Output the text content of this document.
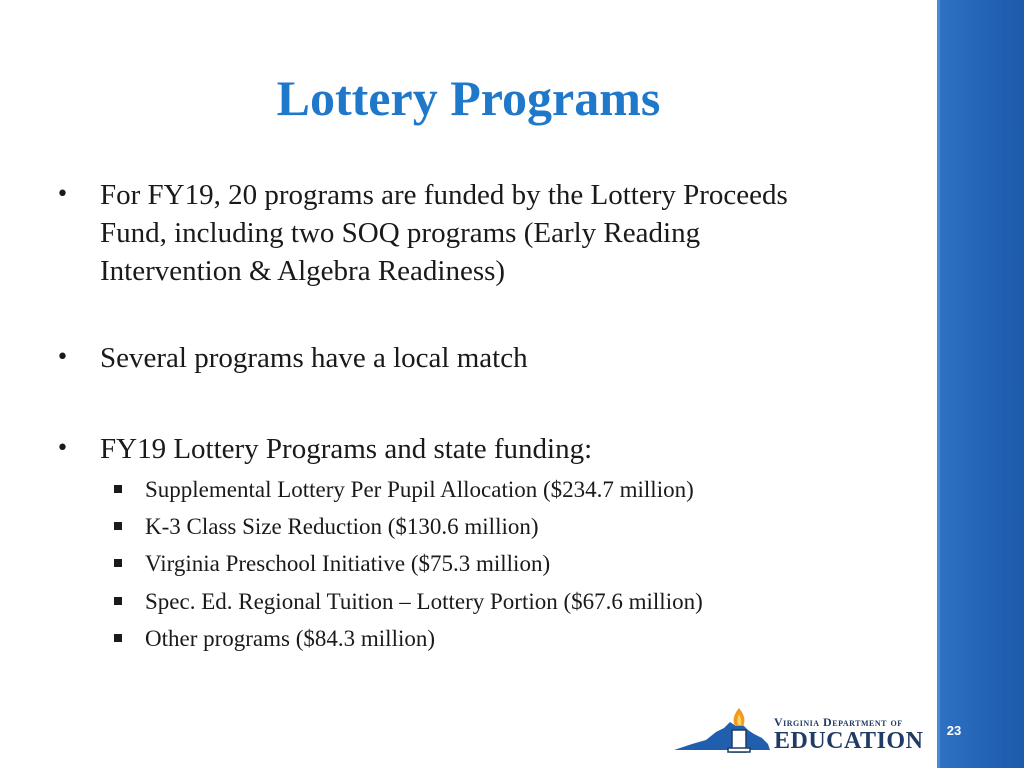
Lottery Programs
•	For FY19, 20 programs are funded by the Lottery Proceeds Fund, including two SOQ programs (Early Reading Intervention & Algebra Readiness)
•	Several programs have a local match
•	FY19 Lottery Programs and state funding:
Supplemental Lottery Per Pupil Allocation ($234.7 million)
K-3 Class Size Reduction ($130.6 million)
Virginia Preschool Initiative ($75.3 million)
Spec. Ed. Regional Tuition – Lottery Portion ($67.6 million)
Other programs ($84.3 million)
Virginia Department of
EDUCATION 23
